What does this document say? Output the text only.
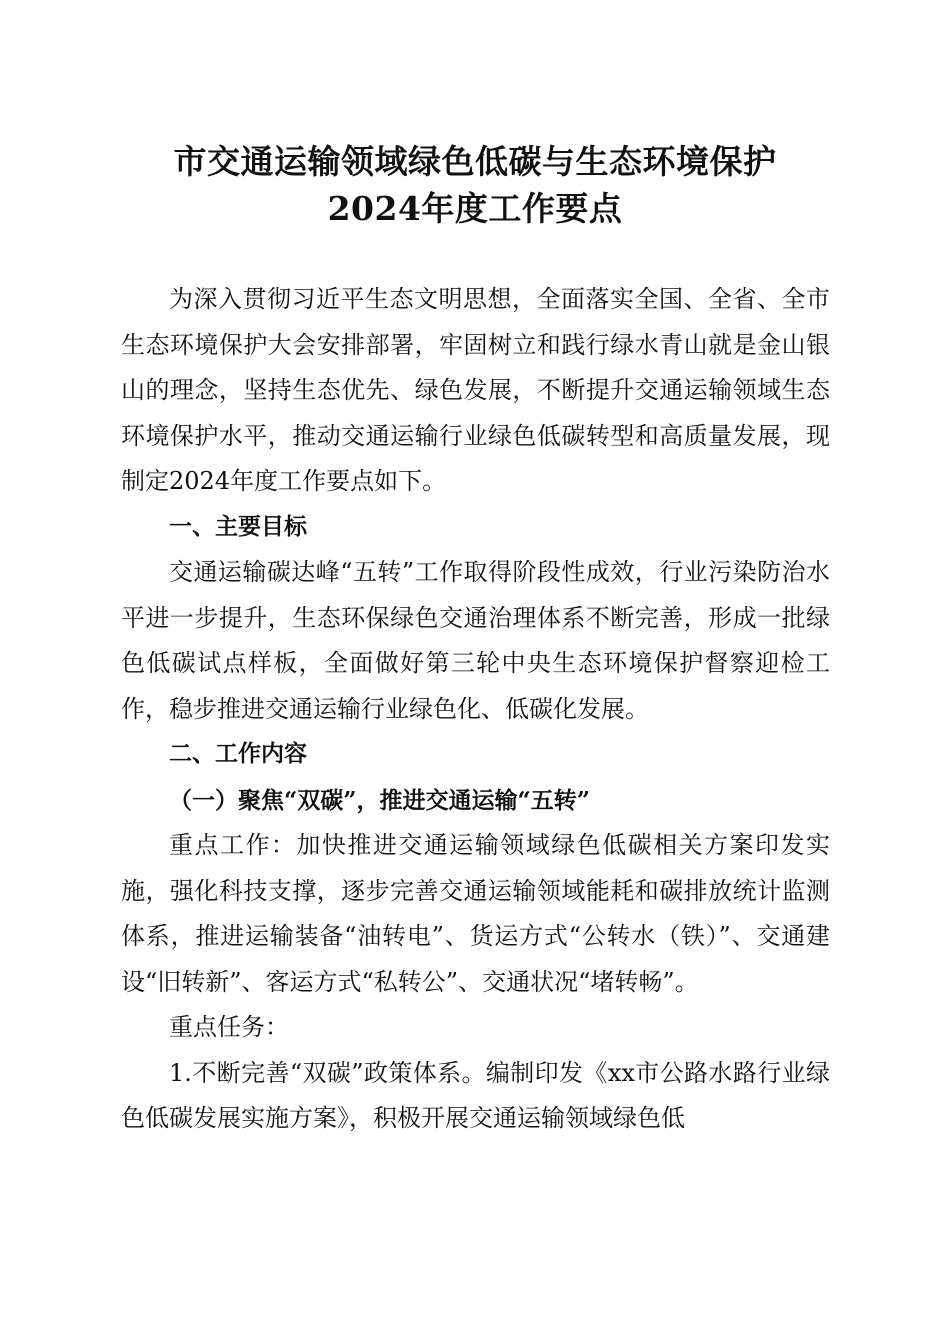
市交通运输领域绿色低碳与生态环境保护
2024年度工作要点

为深入贯彻习近平生态文明思想，全面落实全国、全省、全市生态环境保护大会安排部署，牢固树立和践行绿水青山就是金山银山的理念，坚持生态优先、绿色发展，不断提升交通运输领域生态环境保护水平，推动交通运输行业绿色低碳转型和高质量发展，现制定2024年度工作要点如下。

一、主要目标

交通运输碳达峰“五转”工作取得阶段性成效，行业污染防治水平进一步提升，生态环保绿色交通治理体系不断完善，形成一批绿色低碳试点样板，全面做好第三轮中央生态环境保护督察迎检工作，稳步推进交通运输行业绿色化、低碳化发展。

二、工作内容

（一）聚焦“双碳”，推进交通运输“五转”

重点工作：加快推进交通运输领域绿色低碳相关方案印发实施，强化科技支撑，逐步完善交通运输领域能耗和碳排放统计监测体系，推进运输装备“油转电”、货运方式“公转水（铁）”、交通建设“旧转新”、客运方式“私转公”、交通状况“堵转畅”。

重点任务：

1.不断完善“双碳”政策体系。编制印发《xx市公路水路行业绿色低碳发展实施方案》，积极开展交通运输领域绿色低
